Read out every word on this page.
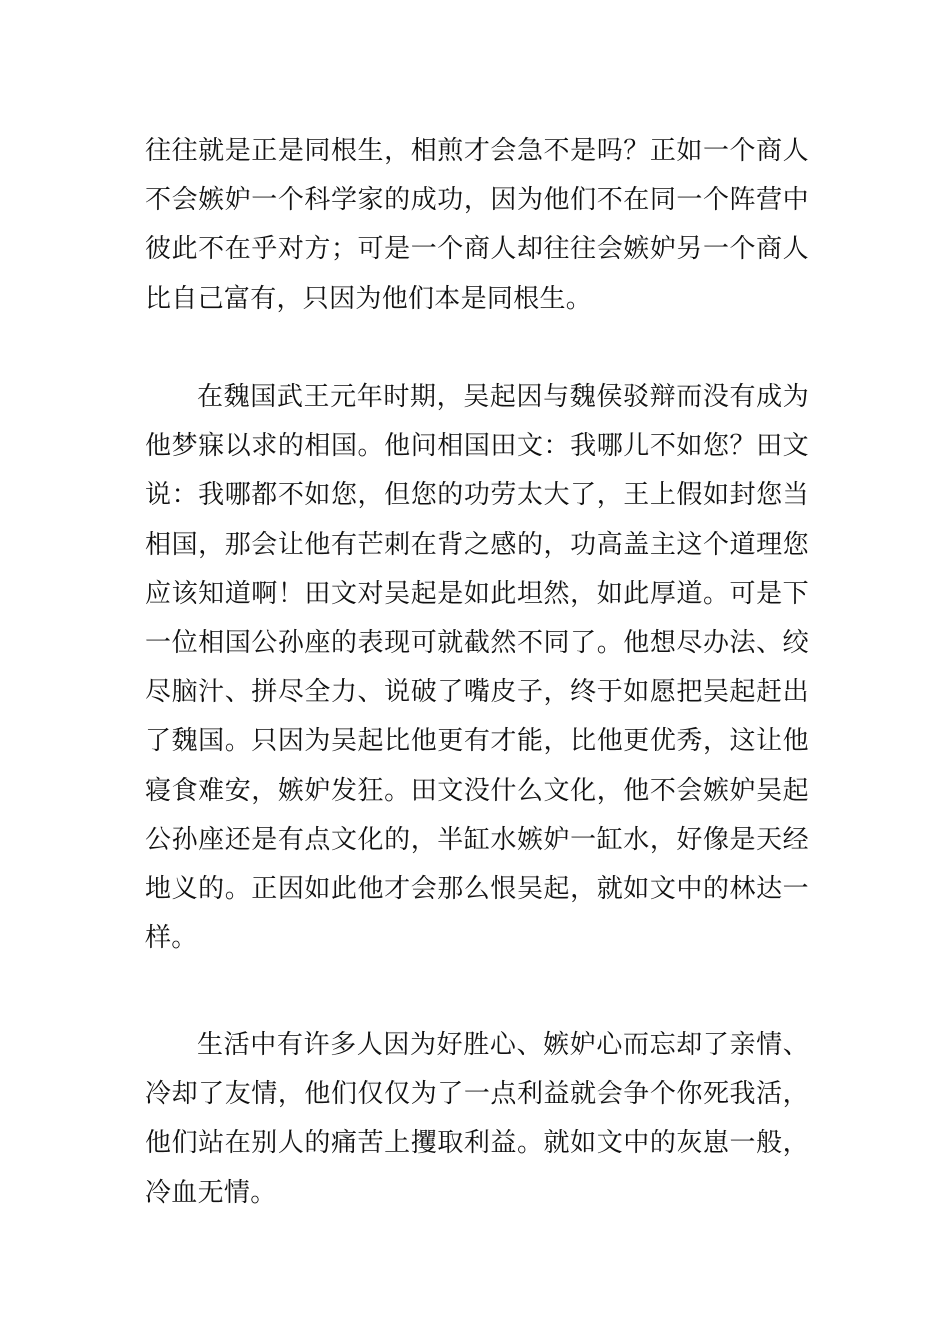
往往就是正是同根生，相煎才会急不是吗？正如一个商人不会嫉妒一个科学家的成功，因为他们不在同一个阵营中彼此不在乎对方；可是一个商人却往往会嫉妒另一个商人比自己富有，只因为他们本是同根生。

在魏国武王元年时期，吴起因与魏侯驳辩而没有成为他梦寐以求的相国。他问相国田文：我哪儿不如您？田文说：我哪都不如您，但您的功劳太大了，王上假如封您当相国，那会让他有芒刺在背之感的，功高盖主这个道理您应该知道啊！田文对吴起是如此坦然，如此厚道。可是下一位相国公孙座的表现可就截然不同了。他想尽办法、绞尽脑汁、拼尽全力、说破了嘴皮子，终于如愿把吴起赶出了魏国。只因为吴起比他更有才能，比他更优秀，这让他寝食难安，嫉妒发狂。田文没什么文化，他不会嫉妒吴起公孙座还是有点文化的，半缸水嫉妒一缸水，好像是天经地义的。正因如此他才会那么恨吴起，就如文中的林达一样。

生活中有许多人因为好胜心、嫉妒心而忘却了亲情、冷却了友情，他们仅仅为了一点利益就会争个你死我活，他们站在别人的痛苦上攫取利益。就如文中的灰崽一般，冷血无情。
